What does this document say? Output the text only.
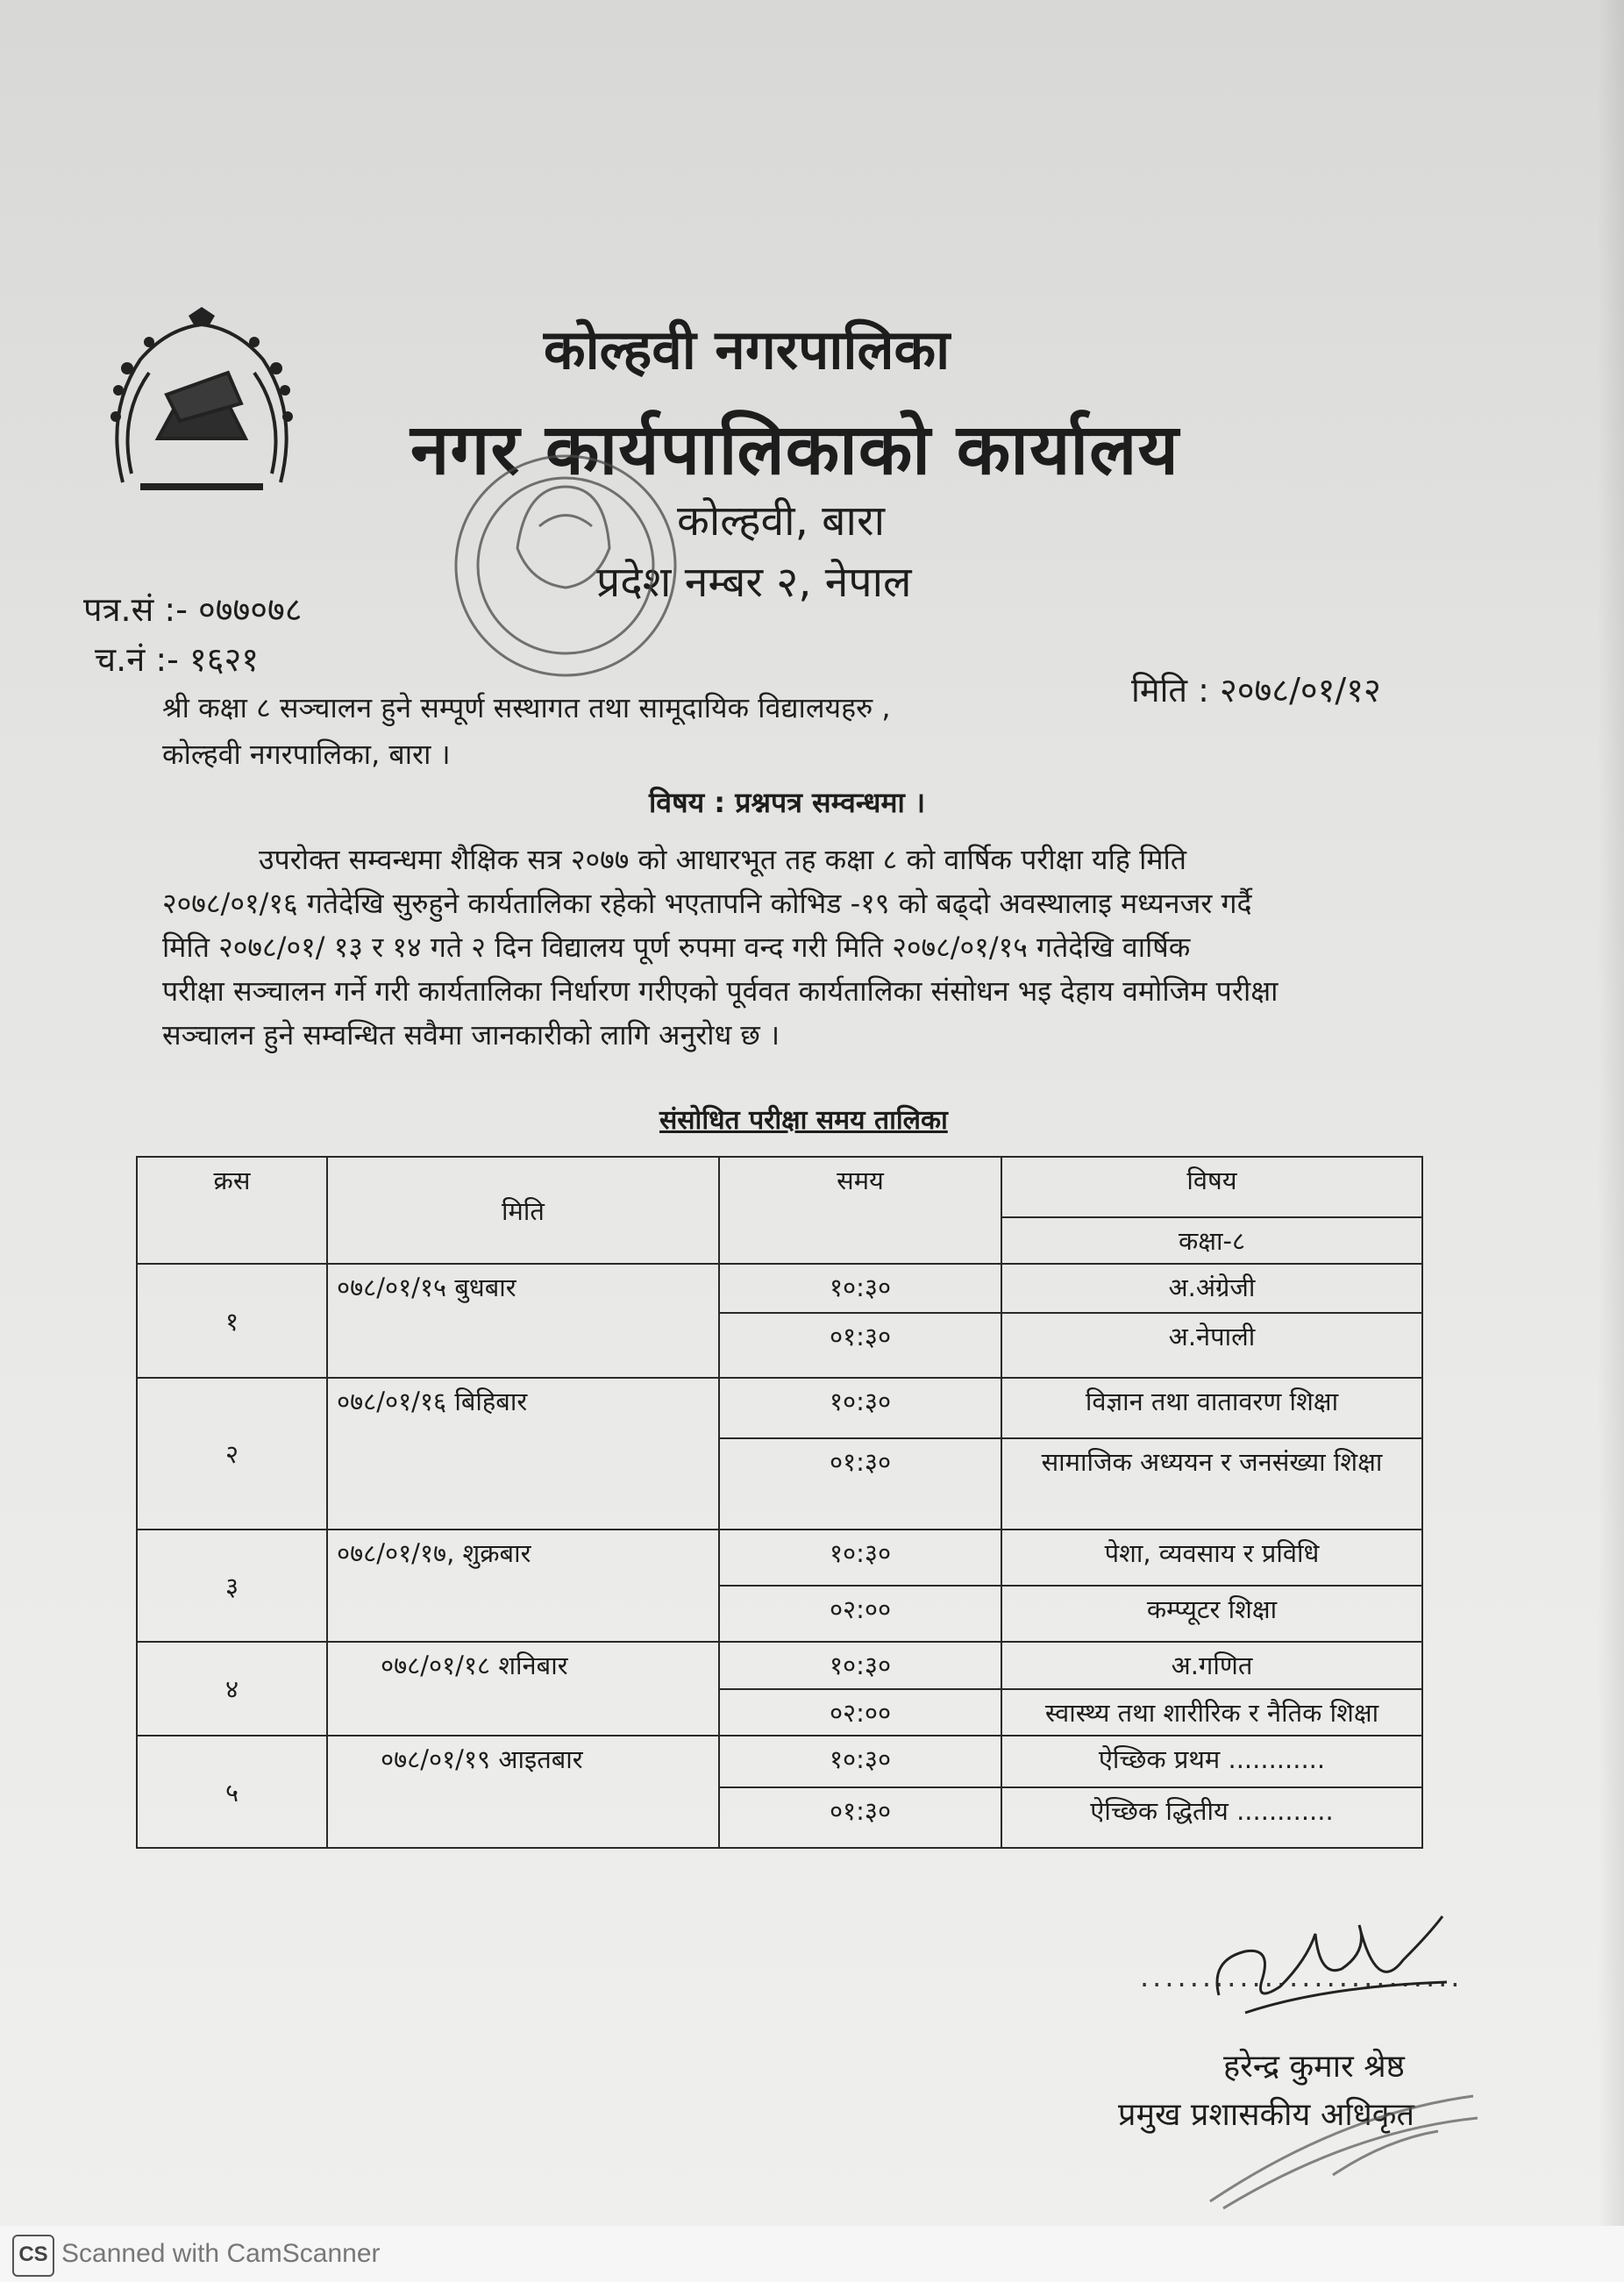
कोल्हवी नगरपालिका
नगर कार्यपालिकाको कार्यालय
कोल्हवी, बारा
प्रदेश नम्बर २, नेपाल
पत्र.सं :- ०७७०७८
च.नं :- १६२१
मिति : २०७८/०१/१२
श्री कक्षा ८ सञ्चालन हुने सम्पूर्ण सस्थागत तथा सामूदायिक विद्यालयहरु ,
कोल्हवी नगरपालिका, बारा ।
विषय : प्रश्नपत्र सम्वन्धमा ।
उपरोक्त सम्वन्धमा शैक्षिक सत्र २०७७ को आधारभूत तह कक्षा ८ को वार्षिक परीक्षा यहि मिति
२०७८/०१/१६ गतेदेखि सुरुहुने कार्यतालिका रहेको भएतापनि कोभिड -१९ को बढ्दो अवस्थालाइ मध्यनजर गर्दै
मिति २०७८/०१/ १३ र १४ गते २ दिन विद्यालय पूर्ण रुपमा वन्द गरी मिति २०७८/०१/१५ गतेदेखि वार्षिक
परीक्षा सञ्चालन गर्ने गरी कार्यतालिका निर्धारण गरीएको पूर्ववत कार्यतालिका संसोधन भइ देहाय वमोजिम परीक्षा
सञ्चालन हुने सम्वन्धित सवैमा जानकारीको लागि अनुरोध छ ।
संसोधित परीक्षा समय तालिका
क्रस	मिति	समय	विषय
			कक्षा-८
१	०७८/०१/१५ बुधबार	१०:३०	अ.अंग्रेजी
		०१:३०	अ.नेपाली
२	०७८/०१/१६ बिहिबार	१०:३०	विज्ञान तथा वातावरण शिक्षा
		०१:३०	सामाजिक अध्ययन र जनसंख्या शिक्षा
३	०७८/०१/१७, शुक्रबार	१०:३०	पेशा, व्यवसाय र प्रविधि
		०२:००	कम्प्यूटर शिक्षा
४	०७८/०१/१८ शनिबार	१०:३०	अ.गणित
		०२:००	स्वास्थ्य तथा शारीरिक र नैतिक शिक्षा
५	०७८/०१/१९ आइतबार	१०:३०	ऐच्छिक प्रथम ............
		०१:३०	ऐच्छिक द्धितीय ............
..........................
हरेन्द्र कुमार श्रेष्ठ
प्रमुख प्रशासकीय अधिकृत
CS Scanned with CamScanner
